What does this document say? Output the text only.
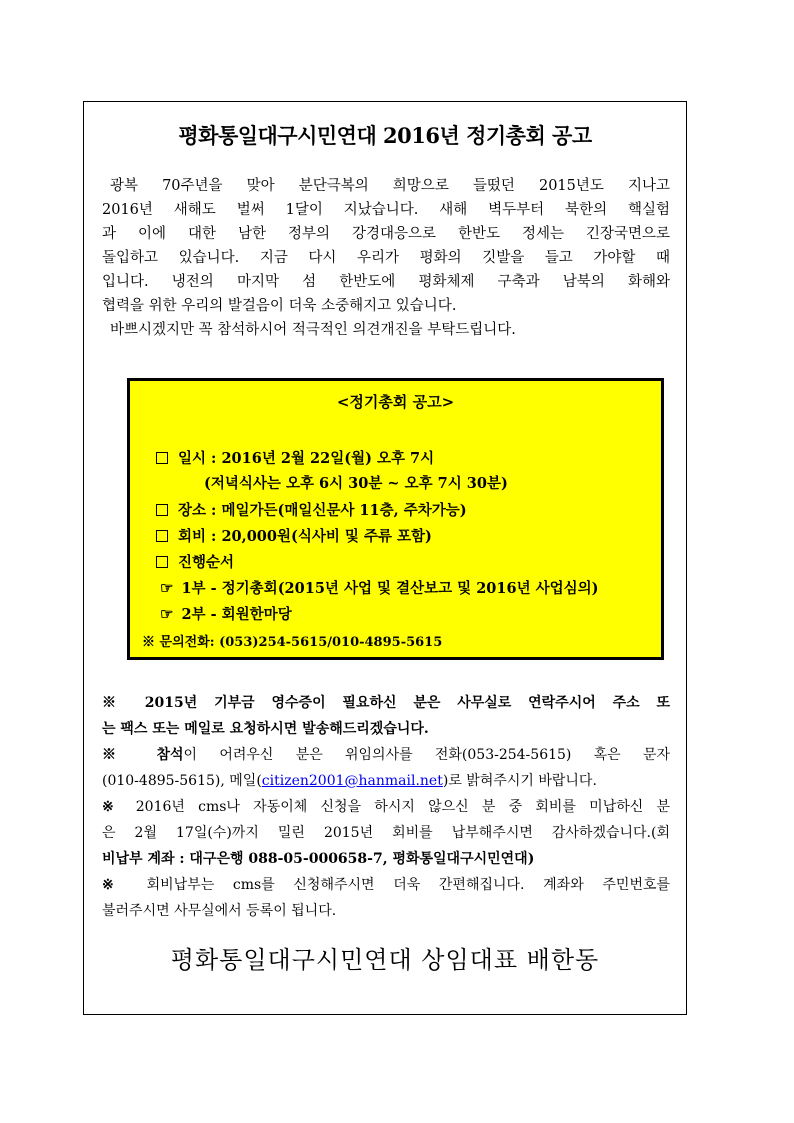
평화통일대구시민연대 2016년 정기총회 공고
광복 70주년을 맞아 분단극복의 희망으로 들떴던 2015년도 지나고
2016년 새해도 벌써 1달이 지났습니다. 새해 벽두부터 북한의 핵실험
과 이에 대한 남한 정부의 강경대응으로 한반도 정세는 긴장국면으로
돌입하고 있습니다. 지금 다시 우리가 평화의 깃발을 들고 가야할 때
입니다. 냉전의 마지막 섬 한반도에 평화체제 구축과 남북의 화해와
협력을 위한 우리의 발걸음이 더욱 소중해지고 있습니다.
바쁘시겠지만 꼭 참석하시어 적극적인 의견개진을 부탁드립니다.
<정기총회 공고>
일시 : 2016년 2월 22일(월) 오후 7시
(저녁식사는 오후 6시 30분 ~ 오후 7시 30분)
장소 : 메일가든(매일신문사 11층, 주차가능)
회비 : 20,000원(식사비 및 주류 포함)
진행순서
☞ 1부 - 정기총회(2015년 사업 및 결산보고 및 2016년 사업심의)
☞ 2부 - 회원한마당
※ 문의전화: (053)254-5615/010-4895-5615
※ 2015년 기부금 영수증이 필요하신 분은 사무실로 연락주시어 주소 또
는 팩스 또는 메일로 요청하시면 발송해드리겠습니다.
※ 참석이 어려우신 분은 위임의사를 전화(053-254-5615) 혹은 문자
(010-4895-5615), 메일(citizen2001@hanmail.net)로 밝혀주시기 바랍니다.
※ 2016년 cms나 자동이체 신청을 하시지 않으신 분 중 회비를 미납하신 분
은 2월 17일(수)까지 밀린 2015년 회비를 납부해주시면 감사하겠습니다.(회
비납부 계좌 : 대구은행 088-05-000658-7, 평화통일대구시민연대)
※ 회비납부는 cms를 신청해주시면 더욱 간편해집니다. 계좌와 주민번호를
불러주시면 사무실에서 등록이 됩니다.
평화통일대구시민연대 상임대표 배한동
